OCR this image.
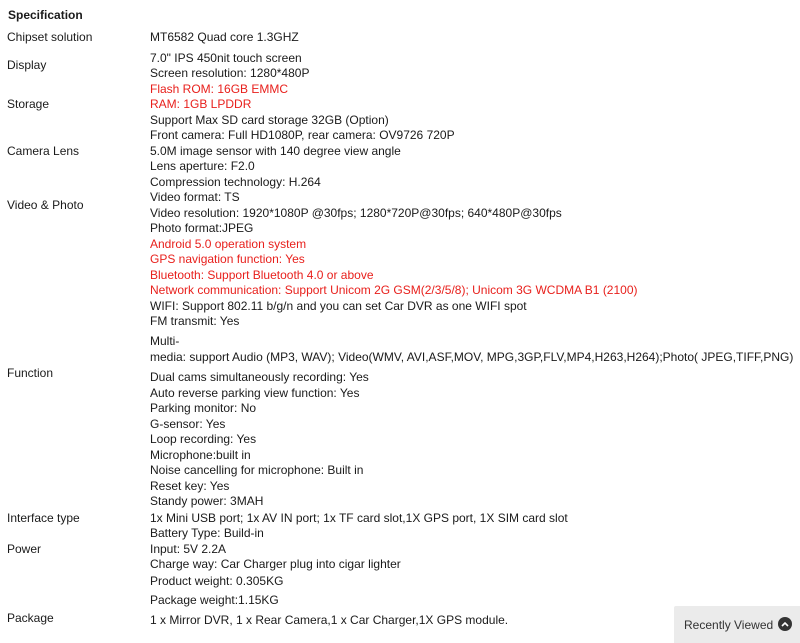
Specification
Chipset solution
Display
Storage
Camera Lens
Video & Photo
Function
Interface type
Power
Package
MT6582 Quad core 1.3GHZ
7.0" IPS 450nit touch screen
Screen resolution: 1280*480P
Flash ROM: 16GB EMMC
RAM: 1GB LPDDR
Support Max SD card storage 32GB (Option)
Front camera: Full HD1080P, rear camera: OV9726 720P
5.0M image sensor with 140 degree view angle
Lens aperture: F2.0
Compression technology: H.264
Video format: TS
Video resolution: 1920*1080P @30fps; 1280*720P@30fps; 640*480P@30fps
Photo format:JPEG
Android 5.0 operation system
GPS navigation function: Yes
Bluetooth: Support Bluetooth 4.0 or above
Network communication: Support Unicom 2G GSM(2/3/5/8); Unicom 3G WCDMA B1 (2100)
WIFI: Support 802.11 b/g/n and you can set Car DVR as one WIFI spot
FM transmit: Yes
Multi-
media: support Audio (MP3, WAV); Video(WMV, AVI,ASF,MOV, MPG,3GP,FLV,MP4,H263,H264);Photo( JPEG,TIFF,PNG)
Dual cams simultaneously recording: Yes
Auto reverse parking view function: Yes
Parking monitor: No
G-sensor: Yes
Loop recording: Yes
Microphone:built in
Noise cancelling for microphone: Built in
Reset key: Yes
Standy power: 3MAH
1x Mini USB port; 1x AV IN port; 1x TF card slot,1X GPS port, 1X SIM card slot
Battery Type: Build-in
Input: 5V 2.2A
Charge way: Car Charger plug into cigar lighter
Product weight: 0.305KG
Package weight:1.15KG
1 x Mirror DVR, 1 x Rear Camera,1 x Car Charger,1X GPS module.	Recently Viewed
